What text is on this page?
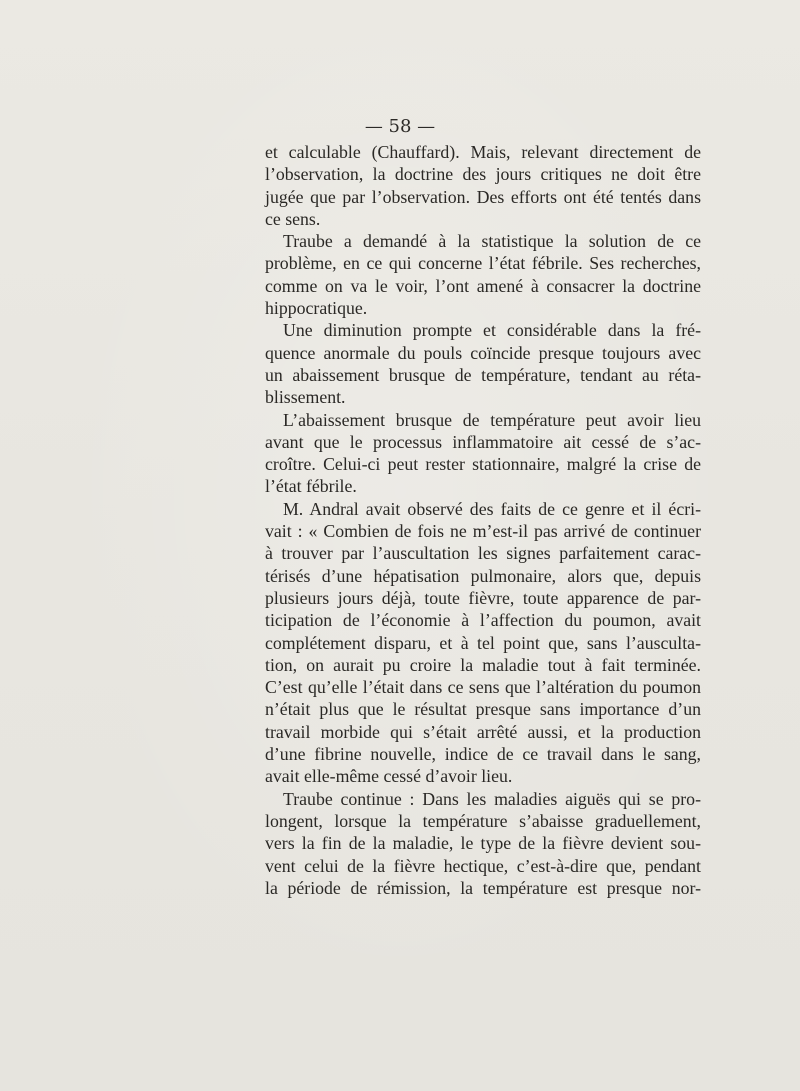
— 58 —
et calculable (Chauffard). Mais, relevant directement de
l’observation, la doctrine des jours critiques ne doit être
jugée que par l’observation. Des efforts ont été tentés dans
ce sens.
Traube a demandé à la statistique la solution de ce
problème, en ce qui concerne l’état fébrile. Ses recherches,
comme on va le voir, l’ont amené à consacrer la doctrine
hippocratique.
Une diminution prompte et considérable dans la fré-
quence anormale du pouls coïncide presque toujours avec
un abaissement brusque de température, tendant au réta-
blissement.
L’abaissement brusque de température peut avoir lieu
avant que le processus inflammatoire ait cessé de s’ac-
croître. Celui-ci peut rester stationnaire, malgré la crise de
l’état fébrile.
M. Andral avait observé des faits de ce genre et il écri-
vait : « Combien de fois ne m’est-il pas arrivé de continuer
à trouver par l’auscultation les signes parfaitement carac-
térisés d’une hépatisation pulmonaire, alors que, depuis
plusieurs jours déjà, toute fièvre, toute apparence de par-
ticipation de l’économie à l’affection du poumon, avait
complétement disparu, et à tel point que, sans l’ausculta-
tion, on aurait pu croire la maladie tout à fait terminée.
C’est qu’elle l’était dans ce sens que l’altération du poumon
n’était plus que le résultat presque sans importance d’un
travail morbide qui s’était arrêté aussi, et la production
d’une fibrine nouvelle, indice de ce travail dans le sang,
avait elle-même cessé d’avoir lieu.
Traube continue : Dans les maladies aiguës qui se pro-
longent, lorsque la température s’abaisse graduellement,
vers la fin de la maladie, le type de la fièvre devient sou-
vent celui de la fièvre hectique, c’est-à-dire que, pendant
la période de rémission, la température est presque nor-
